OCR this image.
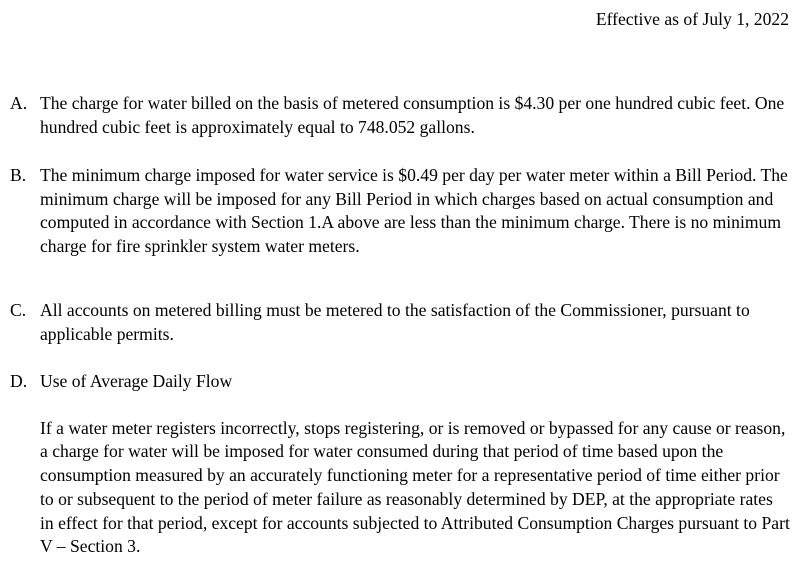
Effective as of July 1, 2022
A. The charge for water billed on the basis of metered consumption is $4.30 per one hundred cubic feet. One hundred cubic feet is approximately equal to 748.052 gallons.
B. The minimum charge imposed for water service is $0.49 per day per water meter within a Bill Period. The minimum charge will be imposed for any Bill Period in which charges based on actual consumption and computed in accordance with Section 1.A above are less than the minimum charge. There is no minimum charge for fire sprinkler system water meters.
C. All accounts on metered billing must be metered to the satisfaction of the Commissioner, pursuant to applicable permits.
D. Use of Average Daily Flow
If a water meter registers incorrectly, stops registering, or is removed or bypassed for any cause or reason, a charge for water will be imposed for water consumed during that period of time based upon the consumption measured by an accurately functioning meter for a representative period of time either prior to or subsequent to the period of meter failure as reasonably determined by DEP, at the appropriate rates in effect for that period, except for accounts subjected to Attributed Consumption Charges pursuant to Part V – Section 3.
